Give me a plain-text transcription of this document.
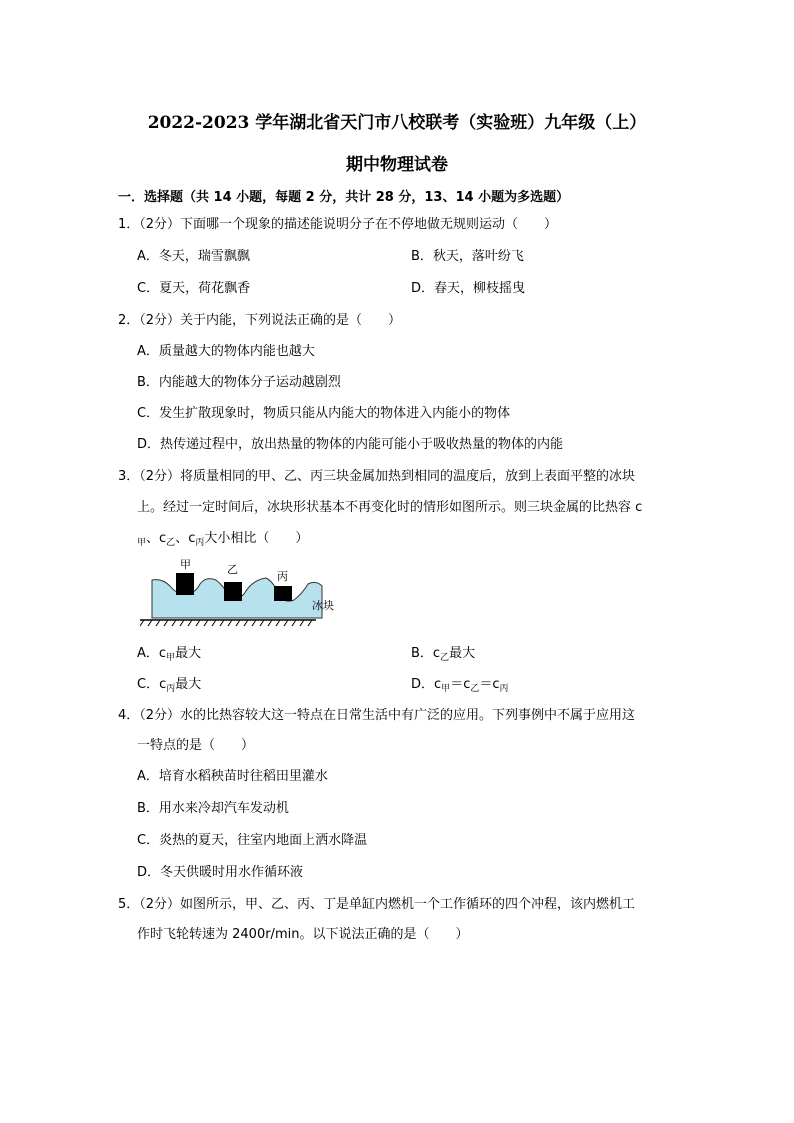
2022-2023 学年湖北省天门市八校联考（实验班）九年级（上）
期中物理试卷
一．选择题（共 14 小题，每题 2 分，共计 28 分，13、14 小题为多选题）
1．（2分）下面哪一个现象的描述能说明分子在不停地做无规则运动（　　）
A．冬天，瑞雪飘飘	B．秋天，落叶纷飞
C．夏天，荷花飘香	D．春天，柳枝摇曳
2．（2分）关于内能，下列说法正确的是（　　）
A．质量越大的物体内能也越大
B．内能越大的物体分子运动越剧烈
C．发生扩散现象时，物质只能从内能大的物体进入内能小的物体
D．热传递过程中，放出热量的物体的内能可能小于吸收热量的物体的内能
3．（2分）将质量相同的甲、乙、丙三块金属加热到相同的温度后，放到上表面平整的冰块
上。经过一定时间后，冰块形状基本不再变化时的情形如图所示。则三块金属的比热容 c
$_甲$、$c_乙$、$c_丙$大小相比（　　）
甲	乙
丙
冰块
A．$c_甲$最大	B．$c_乙$最大
C．$c_丙$最大	D．$c_甲=c_乙=c_丙$
4．（2分）水的比热容较大这一特点在日常生活中有广泛的应用。下列事例中不属于应用这
一特点的是（　　）
A．培育水稻秧苗时往稻田里灌水
B．用水来冷却汽车发动机
C．炎热的夏天，往室内地面上洒水降温
D．冬天供暖时用水作循环液
5．（2分）如图所示，甲、乙、丙、丁是单缸内燃机一个工作循环的四个冲程，该内燃机工
作时飞轮转速为 2400r/min。以下说法正确的是（　　）
